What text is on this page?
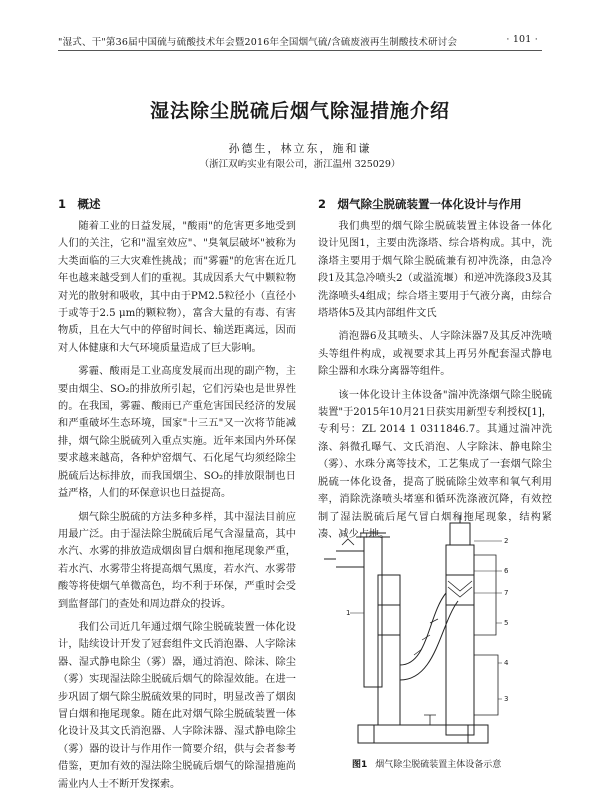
"湿式、干"第36届中国硫与硫酸技术年会暨2016年全国烟气硫/含硫废液再生制酸技术研讨会	· 101 ·
湿法除尘脱硫后烟气除湿措施介绍
孙德生，林立东，施和谦
（浙江双屿实业有限公司，浙江温州 325029）
1　概述

随着工业的日益发展，"酸雨"的危害更多地受到人们的关注，它和"温室效应"、"臭氧层破坏"被称为大类面临的三大灾难性挑战；而"雾霾"的危害在近几年也越来越受到人们的重视。其成因系大气中颗粒物对光的散射和吸收，其中由于PM2.5粒径小（直径小于或等于2.5 μm的颗粒物），富含大量的有毒、有害物质，且在大气中的停留时间长、输送距离远，因而对人体健康和大气环境质量造成了巨大影响。

雾霾、酸雨是工业高度发展而出现的副产物，主要由烟尘、SO₂的排放所引起，它们污染也是世界性的。在我国，雾霾、酸雨已产重危害国民经济的发展和严重破坏生态环境，国家"十三五"又一次将节能减排，烟气除尘脱硫列入重点实施。近年来国内外环保要求越来越高，各种炉窑烟气、石化尾气均须经除尘脱硫后达标排放，而我国烟尘、SO₂的排放限制也日益严格，人们的环保意识也日益提高。

烟气除尘脱硫的方法多种多样，其中湿法目前应用最广泛。由于湿法除尘脱硫后尾气含湿量高，其中水汽、水雾的排放造成烟囱冒白烟和拖尾现象严重，若水汽、水雾带尘将提高烟气黑度，若水汽、水雾带酸等将使烟气单微高色，均不利于环保，严重时会受到监督部门的查处和周边群众的投诉。

我们公司近几年通过烟气除尘脱硫装置一体化设计，陆续设计开发了冠套组件文氏消泡器、人字除沫器、湿式静电除尘（雾）器，通过消泡、除沫、除尘（雾）实现湿法除尘脱硫后烟气的除湿效能。在进一步巩固了烟气除尘脱硫效果的同时，明显改善了烟囱冒白烟和拖尾现象。随在此对烟气除尘脱硫装置一体化设计及其文氏消泡器、人字除沫器、湿式静电除尘（雾）器的设计与作用作一简要介绍，供与会者参考借鉴，更加有效的湿法除尘脱硫后烟气的除湿措施尚需业内人士不断开发探索。

2　烟气除尘脱硫装置一体化设计与作用

我们典型的烟气除尘脱硫装置主体设备一体化设计见图1，主要由洗涤塔、综合塔构成。其中，洗涤塔主要用于烟气除尘脱硫兼有初冲洗涤，由急冷段1及其急冷喷头2（或溢流堰）和逆冲洗涤段3及其洗涤喷头4组成；综合塔主要用于气液分离，由综合塔塔体5及其内部组件文氏

消泡器6及其喷头、人字除沫器7及其反冲洗喷头等组件构成，或视要求其上再另外配套湿式静电除尘器和水珠分离器等组件。

该一体化设计主体设备"湍冲洗涤烟气除尘脱硫装置"于2015年10月21日获实用新型专利授权[1]，专利号：ZL 2014 1 0311846.7。其通过湍冲洗涤、斜微孔曝气、文氏消泡、人字除沫、静电除尘（雾）、水珠分离等技术，工艺集成了一套烟气除尘脱硫一体化设备，提高了脱硫除尘效率和氧气利用率，消除洗涤喷头堵塞和循环洗涤液沉降，有效控制了湿法脱硫后尾气冒白烟和拖尾现象，结构紧凑、减少占地。

2
6
7
5
4
3
1
图1 烟气除尘脱硫装置主体设备示意
